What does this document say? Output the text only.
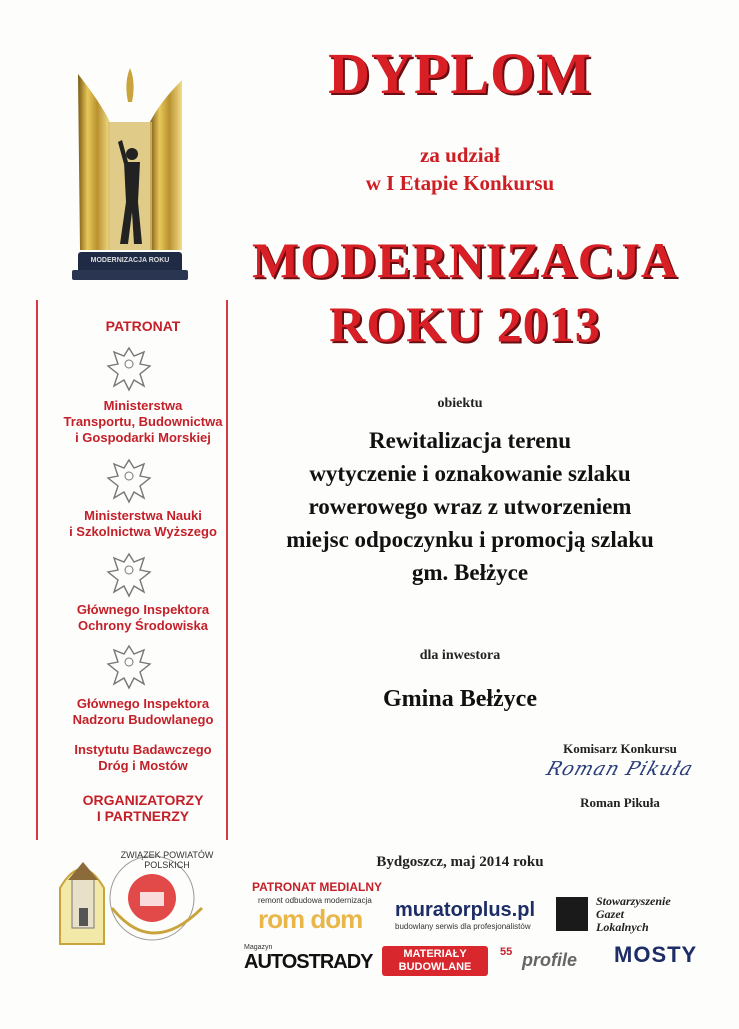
MODERNIZACJA ROKU
DYPLOM
za udział
w I Etapie Konkursu
MODERNIZACJA
ROKU 2013
PATRONAT
Ministerstwa
Transportu, Budownictwa
i Gospodarki Morskiej
Ministerstwa Nauki
i Szkolnictwa Wyższego
Głównego Inspektora
Ochrony Środowiska
Głównego Inspektora
Nadzoru Budowlanego
Instytutu Badawczego
Dróg i Mostów
ORGANIZATORZY
I PARTNERZY
ZWIĄZEK POWIATÓW POLSKICH
obiektu
Rewitalizacja terenu
wytyczenie i oznakowanie szlaku
rowerowego wraz z utworzeniem
miejsc odpoczynku i promocją szlaku
gm. Bełżyce
dla inwestora
Gmina Bełżyce
Komisarz Konkursu
Roman Pikuła
Roman Pikuła
Bydgoszcz, maj 2014 roku
PATRONAT MEDIALNY
remont odbudowa modernizacja
rom dom	muratorplus.pl
budowlany serwis dla profesjonalistów
Stowarzyszenie
Gazet
Lokalnych
Magazyn
AUTOSTRADY	MATERIAŁY
BUDOWLANE
55 profile MOSTY
